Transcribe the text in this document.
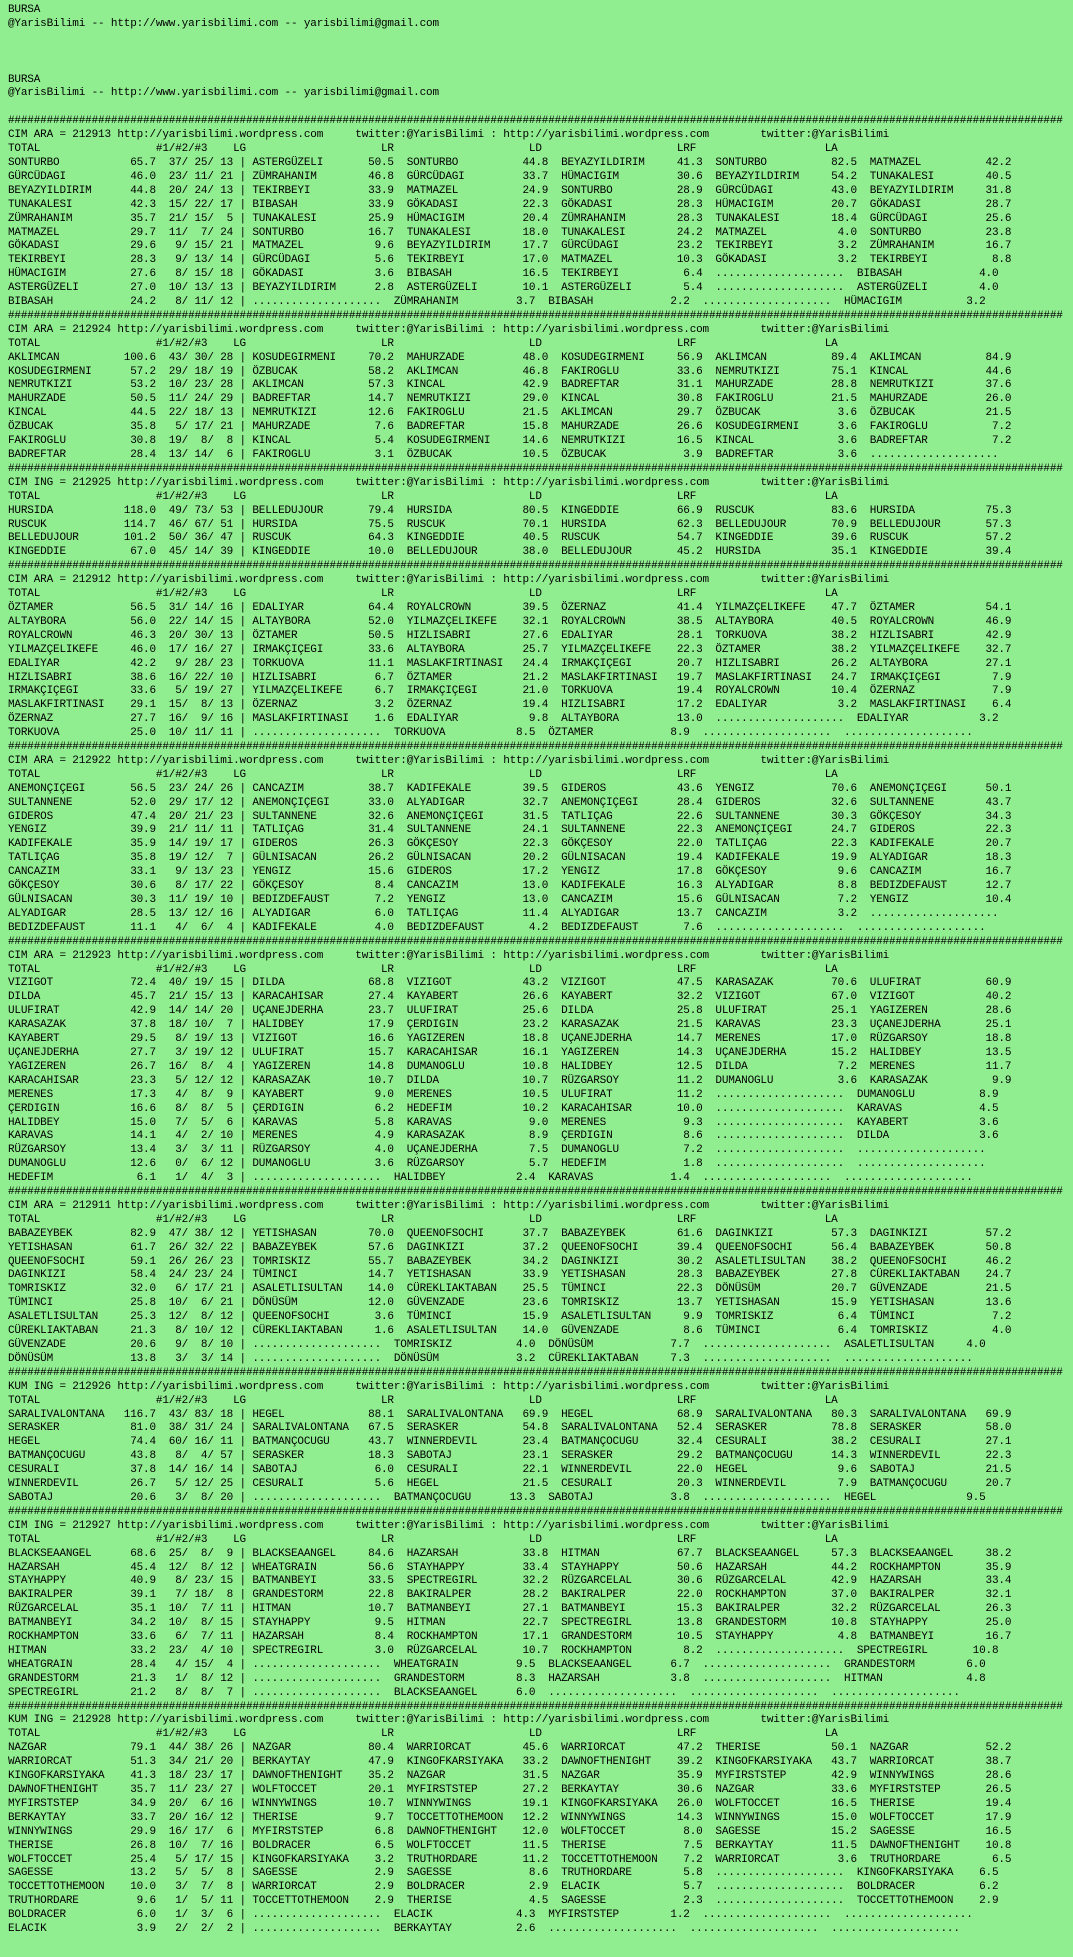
BURSA
@YarisBilimi -- http://www.yarisbilimi.com -- yarisbilimi@gmail.com

BURSA
@YarisBilimi -- http://www.yarisbilimi.com -- yarisbilimi@gmail.com

####################################################################################################################################################################
CIM ARA = 212913 http://yarisbilimi.wordpress.com     twitter:@YarisBilimi : http://yarisbilimi.wordpress.com        twitter:@YarisBilimi
TOTAL                  #1/#2/#3    LG                     LR                     LD                     LRF                    LA
SONTURBO           65.7  37/ 25/ 13 | ASTERGÜZELI       50.5  SONTURBO          44.8  BEYAZYILDIRIM     41.3  SONTURBO          82.5  MATMAZEL          42.2
GÜRCÜDAGI          46.0  23/ 11/ 21 | ZÜMRAHANIM        46.8  GÜRCÜDAGI         33.7  HÜMACIGIM         30.6  BEYAZYILDIRIM     54.2  TUNAKALESI        40.5
BEYAZYILDIRIM      44.8  20/ 24/ 13 | TEKIRBEYI         33.9  MATMAZEL          24.9  SONTURBO          28.9  GÜRCÜDAGI         43.0  BEYAZYILDIRIM     31.8
TUNAKALESI         42.3  15/ 22/ 17 | BIBASAH           33.9  GÖKADASI          22.3  GÖKADASI          28.3  HÜMACIGIM         20.7  GÖKADASI          28.7
ZÜMRAHANIM         35.7  21/ 15/  5 | TUNAKALESI        25.9  HÜMACIGIM         20.4  ZÜMRAHANIM        28.3  TUNAKALESI        18.4  GÜRCÜDAGI         25.6
MATMAZEL           29.7  11/  7/ 24 | SONTURBO          16.7  TUNAKALESI        18.0  TUNAKALESI        24.2  MATMAZEL           4.0  SONTURBO          23.8
GÖKADASI           29.6   9/ 15/ 21 | MATMAZEL           9.6  BEYAZYILDIRIM     17.7  GÜRCÜDAGI         23.2  TEKIRBEYI          3.2  ZÜMRAHANIM        16.7
TEKIRBEYI          28.3   9/ 13/ 14 | GÜRCÜDAGI          5.6  TEKIRBEYI         17.0  MATMAZEL          10.3  GÖKADASI           3.2  TEKIRBEYI          8.8
HÜMACIGIM          27.6   8/ 15/ 18 | GÖKADASI           3.6  BIBASAH           16.5  TEKIRBEYI          6.4  ....................  BIBASAH            4.0
ASTERGÜZELI        27.0  10/ 13/ 13 | BEYAZYILDIRIM      2.8  ASTERGÜZELI       10.1  ASTERGÜZELI        5.4  ....................  ASTERGÜZELI        4.0
BIBASAH            24.2   8/ 11/ 12 | ....................  ZÜMRAHANIM         3.7  BIBASAH            2.2  ....................  HÜMACIGIM          3.2
####################################################################################################################################################################
CIM ARA = 212924 http://yarisbilimi.wordpress.com     twitter:@YarisBilimi : http://yarisbilimi.wordpress.com        twitter:@YarisBilimi
TOTAL                  #1/#2/#3    LG                     LR                     LD                     LRF                    LA
AKLIMCAN          100.6  43/ 30/ 28 | KOSUDEGIRMENI     70.2  MAHURZADE         48.0  KOSUDEGIRMENI     56.9  AKLIMCAN          89.4  AKLIMCAN          84.9
KOSUDEGIRMENI      57.2  29/ 18/ 19 | ÖZBUCAK           58.2  AKLIMCAN          46.8  FAKIROGLU         33.6  NEMRUTKIZI        75.1  KINCAL            44.6
NEMRUTKIZI         53.2  10/ 23/ 28 | AKLIMCAN          57.3  KINCAL            42.9  BADREFTAR         31.1  MAHURZADE         28.8  NEMRUTKIZI        37.6
MAHURZADE          50.5  11/ 24/ 29 | BADREFTAR         14.7  NEMRUTKIZI        29.0  KINCAL            30.8  FAKIROGLU         21.5  MAHURZADE         26.0
KINCAL             44.5  22/ 18/ 13 | NEMRUTKIZI        12.6  FAKIROGLU         21.5  AKLIMCAN          29.7  ÖZBUCAK            3.6  ÖZBUCAK           21.5
ÖZBUCAK            35.8   5/ 17/ 21 | MAHURZADE          7.6  BADREFTAR         15.8  MAHURZADE         26.6  KOSUDEGIRMENI      3.6  FAKIROGLU          7.2
FAKIROGLU          30.8  19/  8/  8 | KINCAL             5.4  KOSUDEGIRMENI     14.6  NEMRUTKIZI        16.5  KINCAL             3.6  BADREFTAR          7.2
BADREFTAR          28.4  13/ 14/  6 | FAKIROGLU          3.1  ÖZBUCAK           10.5  ÖZBUCAK            3.9  BADREFTAR          3.6  ....................
####################################################################################################################################################################
CIM ING = 212925 http://yarisbilimi.wordpress.com     twitter:@YarisBilimi : http://yarisbilimi.wordpress.com        twitter:@YarisBilimi
TOTAL                  #1/#2/#3    LG                     LR                     LD                     LRF                    LA
HURSIDA           118.0  49/ 73/ 53 | BELLEDUJOUR       79.4  HURSIDA           80.5  KINGEDDIE         66.9  RUSCUK            83.6  HURSIDA           75.3
RUSCUK            114.7  46/ 67/ 51 | HURSIDA           75.5  RUSCUK            70.1  HURSIDA           62.3  BELLEDUJOUR       70.9  BELLEDUJOUR       57.3
BELLEDUJOUR       101.2  50/ 36/ 47 | RUSCUK            64.3  KINGEDDIE         40.5  RUSCUK            54.7  KINGEDDIE         39.6  RUSCUK            57.2
KINGEDDIE          67.0  45/ 14/ 39 | KINGEDDIE         10.0  BELLEDUJOUR       38.0  BELLEDUJOUR       45.2  HURSIDA           35.1  KINGEDDIE         39.4
####################################################################################################################################################################
CIM ARA = 212912 http://yarisbilimi.wordpress.com     twitter:@YarisBilimi : http://yarisbilimi.wordpress.com        twitter:@YarisBilimi
TOTAL                  #1/#2/#3    LG                     LR                     LD                     LRF                    LA
ÖZTAMER            56.5  31/ 14/ 16 | EDALIYAR          64.4  ROYALCROWN        39.5  ÖZERNAZ           41.4  YILMAZÇELIKEFE    47.7  ÖZTAMER           54.1
ALTAYBORA          56.0  22/ 14/ 15 | ALTAYBORA         52.0  YILMAZÇELIKEFE    32.1  ROYALCROWN        38.5  ALTAYBORA         40.5  ROYALCROWN        46.9
ROYALCROWN         46.3  20/ 30/ 13 | ÖZTAMER           50.5  HIZLISABRI        27.6  EDALIYAR          28.1  TORKUOVA          38.2  HIZLISABRI        42.9
YILMAZÇELIKEFE     46.0  17/ 16/ 27 | IRMAKÇIÇEGI       33.6  ALTAYBORA         25.7  YILMAZÇELIKEFE    22.3  ÖZTAMER           38.2  YILMAZÇELIKEFE    32.7
EDALIYAR           42.2   9/ 28/ 23 | TORKUOVA          11.1  MASLAKFIRTINASI   24.4  IRMAKÇIÇEGI       20.7  HIZLISABRI        26.2  ALTAYBORA         27.1
HIZLISABRI         38.6  16/ 22/ 10 | HIZLISABRI         6.7  ÖZTAMER           21.2  MASLAKFIRTINASI   19.7  MASLAKFIRTINASI   24.7  IRMAKÇIÇEGI        7.9
IRMAKÇIÇEGI        33.6   5/ 19/ 27 | YILMAZÇELIKEFE     6.7  IRMAKÇIÇEGI       21.0  TORKUOVA          19.4  ROYALCROWN        10.4  ÖZERNAZ            7.9
MASLAKFIRTINASI    29.1  15/  8/ 13 | ÖZERNAZ            3.2  ÖZERNAZ           19.4  HIZLISABRI        17.2  EDALIYAR           3.2  MASLAKFIRTINASI    6.4
ÖZERNAZ            27.7  16/  9/ 16 | MASLAKFIRTINASI    1.6  EDALIYAR           9.8  ALTAYBORA         13.0  ....................  EDALIYAR           3.2
TORKUOVA           25.0  10/ 11/ 11 | ....................  TORKUOVA           8.5  ÖZTAMER            8.9  ....................  ....................
####################################################################################################################################################################
CIM ARA = 212922 http://yarisbilimi.wordpress.com     twitter:@YarisBilimi : http://yarisbilimi.wordpress.com        twitter:@YarisBilimi
TOTAL                  #1/#2/#3    LG                     LR                     LD                     LRF                    LA
ANEMONÇIÇEGI       56.5  23/ 24/ 26 | CANCAZIM          38.7  KADIFEKALE        39.5  GIDEROS           43.6  YENGIZ            70.6  ANEMONÇIÇEGI      50.1
SULTANNENE         52.0  29/ 17/ 12 | ANEMONÇIÇEGI      33.0  ALYADIGAR         32.7  ANEMONÇIÇEGI      28.4  GIDEROS           32.6  SULTANNENE        43.7
GIDEROS            47.4  20/ 21/ 23 | SULTANNENE        32.6  ANEMONÇIÇEGI      31.5  TATLIÇAG          22.6  SULTANNENE        30.3  GÖKÇESOY          34.3
YENGIZ             39.9  21/ 11/ 11 | TATLIÇAG          31.4  SULTANNENE        24.1  SULTANNENE        22.3  ANEMONÇIÇEGI      24.7  GIDEROS           22.3
KADIFEKALE         35.9  14/ 19/ 17 | GIDEROS           26.3  GÖKÇESOY          22.3  GÖKÇESOY          22.0  TATLIÇAG          22.3  KADIFEKALE        20.7
TATLIÇAG           35.8  19/ 12/  7 | GÜLNISACAN        26.2  GÜLNISACAN        20.2  GÜLNISACAN        19.4  KADIFEKALE        19.9  ALYADIGAR         18.3
CANCAZIM           33.1   9/ 13/ 23 | YENGIZ            15.6  GIDEROS           17.2  YENGIZ            17.8  GÖKÇESOY           9.6  CANCAZIM          16.7
GÖKÇESOY           30.6   8/ 17/ 22 | GÖKÇESOY           8.4  CANCAZIM          13.0  KADIFEKALE        16.3  ALYADIGAR          8.8  BEDIZDEFAUST      12.7
GÜLNISACAN         30.3  11/ 19/ 10 | BEDIZDEFAUST       7.2  YENGIZ            13.0  CANCAZIM          15.6  GÜLNISACAN         7.2  YENGIZ            10.4
ALYADIGAR          28.5  13/ 12/ 16 | ALYADIGAR          6.0  TATLIÇAG          11.4  ALYADIGAR         13.7  CANCAZIM           3.2  ....................
BEDIZDEFAUST       11.1   4/  6/  4 | KADIFEKALE         4.0  BEDIZDEFAUST       4.2  BEDIZDEFAUST       7.6  ....................  ....................
####################################################################################################################################################################
CIM ARA = 212923 http://yarisbilimi.wordpress.com     twitter:@YarisBilimi : http://yarisbilimi.wordpress.com        twitter:@YarisBilimi
TOTAL                  #1/#2/#3    LG                     LR                     LD                     LRF                    LA
VIZIGOT            72.4  40/ 19/ 15 | DILDA             68.8  VIZIGOT           43.2  VIZIGOT           47.5  KARASAZAK         70.6  ULUFIRAT          60.9
DILDA              45.7  21/ 15/ 13 | KARACAHISAR       27.4  KAYABERT          26.6  KAYABERT          32.2  VIZIGOT           67.0  VIZIGOT           40.2
ULUFIRAT           42.9  14/ 14/ 20 | UÇANEJDERHA       23.7  ULUFIRAT          25.6  DILDA             25.8  ULUFIRAT          25.1  YAGIZEREN         28.6
KARASAZAK          37.8  18/ 10/  7 | HALIDBEY          17.9  ÇERDIGIN          23.2  KARASAZAK         21.5  KARAVAS           23.3  UÇANEJDERHA       25.1
KAYABERT           29.5   8/ 19/ 13 | VIZIGOT           16.6  YAGIZEREN         18.8  UÇANEJDERHA       14.7  MERENES           17.0  RÜZGARSOY         18.8
UÇANEJDERHA        27.7   3/ 19/ 12 | ULUFIRAT          15.7  KARACAHISAR       16.1  YAGIZEREN         14.3  UÇANEJDERHA       15.2  HALIDBEY          13.5
YAGIZEREN          26.7  16/  8/  4 | YAGIZEREN         14.8  DUMANOGLU         10.8  HALIDBEY          12.5  DILDA              7.2  MERENES           11.7
KARACAHISAR        23.3   5/ 12/ 12 | KARASAZAK         10.7  DILDA             10.7  RÜZGARSOY         11.2  DUMANOGLU          3.6  KARASAZAK          9.9
MERENES            17.3   4/  8/  9 | KAYABERT           9.0  MERENES           10.5  ULUFIRAT          11.2  ....................  DUMANOGLU          8.9
ÇERDIGIN           16.6   8/  8/  5 | ÇERDIGIN           6.2  HEDEFIM           10.2  KARACAHISAR       10.0  ....................  KARAVAS            4.5
HALIDBEY           15.0   7/  5/  6 | KARAVAS            5.8  KARAVAS            9.0  MERENES            9.3  ....................  KAYABERT           3.6
KARAVAS            14.1   4/  2/ 10 | MERENES            4.9  KARASAZAK          8.9  ÇERDIGIN           8.6  ....................  DILDA              3.6
RÜZGARSOY          13.4   3/  3/ 11 | RÜZGARSOY          4.0  UÇANEJDERHA        7.5  DUMANOGLU          7.2  ....................  ....................
DUMANOGLU          12.6   0/  6/ 12 | DUMANOGLU          3.6  RÜZGARSOY          5.7  HEDEFIM            1.8  ....................  ....................
HEDEFIM             6.1   1/  4/  3 | ....................  HALIDBEY           2.4  KARAVAS            1.4  ....................  ....................
####################################################################################################################################################################
CIM ARA = 212911 http://yarisbilimi.wordpress.com     twitter:@YarisBilimi : http://yarisbilimi.wordpress.com        twitter:@YarisBilimi
TOTAL                  #1/#2/#3    LG                     LR                     LD                     LRF                    LA
BABAZEYBEK         82.9  47/ 38/ 12 | YETISHASAN        70.0  QUEENOFSOCHI      37.7  BABAZEYBEK        61.6  DAGINKIZI         57.3  DAGINKIZI         57.2
YETISHASAN         61.7  26/ 32/ 22 | BABAZEYBEK        57.6  DAGINKIZI         37.2  QUEENOFSOCHI      39.4  QUEENOFSOCHI      56.4  BABAZEYBEK        50.8
QUEENOFSOCHI       59.1  26/ 26/ 23 | TOMRISKIZ         55.7  BABAZEYBEK        34.2  DAGINKIZI         30.2  ASALETLISULTAN    38.2  QUEENOFSOCHI      46.2
DAGINKIZI          58.4  24/ 23/ 24 | TÜMINCI           14.7  YETISHASAN        33.9  YETISHASAN        28.3  BABAZEYBEK        27.8  CÜREKLIAKTABAN    24.7
TOMRISKIZ          32.0   6/ 17/ 21 | ASALETLISULTAN    14.0  CÜREKLIAKTABAN    25.5  TÜMINCI           22.3  DÖNÜSÜM           20.7  GÜVENZADE         21.5
TÜMINCI            25.8  10/  6/ 21 | DÖNÜSÜM           12.0  GÜVENZADE         23.6  TOMRISKIZ         13.7  YETISHASAN        15.9  YETISHASAN        13.6
ASALETLISULTAN     25.3  12/  8/ 12 | QUEENOFSOCHI       3.6  TÜMINCI           15.9  ASALETLISULTAN     9.9  TOMRISKIZ          6.4  TÜMINCI            7.2
CÜREKLIAKTABAN     21.3   8/ 10/ 12 | CÜREKLIAKTABAN     1.6  ASALETLISULTAN    14.0  GÜVENZADE          8.6  TÜMINCI            6.4  TOMRISKIZ          4.0
GÜVENZADE          20.6   9/  8/ 10 | ....................  TOMRISKIZ          4.0  DÖNÜSÜM            7.7  ....................  ASALETLISULTAN     4.0
DÖNÜSÜM            13.8   3/  3/ 14 | ....................  DÖNÜSÜM            3.2  CÜREKLIAKTABAN     7.3  ....................  ....................
####################################################################################################################################################################
KUM ING = 212926 http://yarisbilimi.wordpress.com     twitter:@YarisBilimi : http://yarisbilimi.wordpress.com        twitter:@YarisBilimi
TOTAL                  #1/#2/#3    LG                     LR                     LD                     LRF                    LA
SARALIVALONTANA   116.7  43/ 83/ 18 | HEGEL             88.1  SARALIVALONTANA   69.9  HEGEL             68.9  SARALIVALONTANA   80.3  SARALIVALONTANA   69.9
SERASKER           81.0  38/ 31/ 24 | SARALIVALONTANA   67.5  SERASKER          54.8  SARALIVALONTANA   52.4  SERASKER          78.8  SERASKER          58.0
HEGEL              74.4  60/ 16/ 11 | BATMANÇOCUGU      43.7  WINNERDEVIL       23.4  BATMANÇOCUGU      32.4  CESURALI          38.2  CESURALI          27.1
BATMANÇOCUGU       43.8   8/  4/ 57 | SERASKER          18.3  SABOTAJ           23.1  SERASKER          29.2  BATMANÇOCUGU      14.3  WINNERDEVIL       22.3
CESURALI           37.8  14/ 16/ 14 | SABOTAJ            6.0  CESURALI          22.1  WINNERDEVIL       22.0  HEGEL              9.6  SABOTAJ           21.5
WINNERDEVIL        26.7   5/ 12/ 25 | CESURALI           5.6  HEGEL             21.5  CESURALI          20.3  WINNERDEVIL        7.9  BATMANÇOCUGU      20.7
SABOTAJ            20.6   3/  8/ 20 | ....................  BATMANÇOCUGU      13.3  SABOTAJ            3.8  ....................  HEGEL              9.5
####################################################################################################################################################################
CIM ING = 212927 http://yarisbilimi.wordpress.com     twitter:@YarisBilimi : http://yarisbilimi.wordpress.com        twitter:@YarisBilimi
TOTAL                  #1/#2/#3    LG                     LR                     LD                     LRF                    LA
BLACKSEAANGEL      68.6  25/  8/  9 | BLACKSEAANGEL     84.6  HAZARSAH          33.8  HITMAN            67.7  BLACKSEAANGEL     57.3  BLACKSEAANGEL     38.2
HAZARSAH           45.4  12/  8/ 12 | WHEATGRAIN        56.6  STAYHAPPY         33.4  STAYHAPPY         50.6  HAZARSAH          44.2  ROCKHAMPTON       35.9
STAYHAPPY          40.9   8/ 23/ 15 | BATMANBEYI        33.5  SPECTREGIRL       32.2  RÜZGARCELAL       30.6  RÜZGARCELAL       42.9  HAZARSAH          33.4
BAKIRALPER         39.1   7/ 18/  8 | GRANDESTORM       22.8  BAKIRALPER        28.2  BAKIRALPER        22.0  ROCKHAMPTON       37.0  BAKIRALPER        32.1
RÜZGARCELAL        35.1  10/  7/ 11 | HITMAN            10.7  BATMANBEYI        27.1  BATMANBEYI        15.3  BAKIRALPER        32.2  RÜZGARCELAL       26.3
BATMANBEYI         34.2  10/  8/ 15 | STAYHAPPY          9.5  HITMAN            22.7  SPECTREGIRL       13.8  GRANDESTORM       10.8  STAYHAPPY         25.0
ROCKHAMPTON        33.6   6/  7/ 11 | HAZARSAH           8.4  ROCKHAMPTON       17.1  GRANDESTORM       10.5  STAYHAPPY          4.8  BATMANBEYI        16.7
HITMAN             33.2  23/  4/ 10 | SPECTREGIRL        3.0  RÜZGARCELAL       10.7  ROCKHAMPTON        8.2  ....................  SPECTREGIRL       10.8
WHEATGRAIN         28.4   4/ 15/  4 | ....................  WHEATGRAIN         9.5  BLACKSEAANGEL      6.7  ....................  GRANDESTORM        6.0
GRANDESTORM        21.3   1/  8/ 12 | ....................  GRANDESTORM        8.3  HAZARSAH           3.8  ....................  HITMAN             4.8
SPECTREGIRL        21.2   8/  8/  7 | ....................  BLACKSEAANGEL      6.0  ....................  ....................  ....................
####################################################################################################################################################################
KUM ING = 212928 http://yarisbilimi.wordpress.com     twitter:@YarisBilimi : http://yarisbilimi.wordpress.com        twitter:@YarisBilimi
TOTAL                  #1/#2/#3    LG                     LR                     LD                     LRF                    LA
NAZGAR             79.1  44/ 38/ 26 | NAZGAR            80.4  WARRIORCAT        45.6  WARRIORCAT        47.2  THERISE           50.1  NAZGAR            52.2
WARRIORCAT         51.3  34/ 21/ 20 | BERKAYTAY         47.9  KINGOFKARSIYAKA   33.2  DAWNOFTHENIGHT    39.2  KINGOFKARSIYAKA   43.7  WARRIORCAT        38.7
KINGOFKARSIYAKA    41.3  18/ 23/ 17 | DAWNOFTHENIGHT    35.2  NAZGAR            31.5  NAZGAR            35.9  MYFIRSTSTEP       42.9  WINNYWINGS        28.6
DAWNOFTHENIGHT     35.7  11/ 23/ 27 | WOLFTOCCET        20.1  MYFIRSTSTEP       27.2  BERKAYTAY         30.6  NAZGAR            33.6  MYFIRSTSTEP       26.5
MYFIRSTSTEP        34.9  20/  6/ 16 | WINNYWINGS        10.7  WINNYWINGS        19.1  KINGOFKARSIYAKA   26.0  WOLFTOCCET        16.5  THERISE           19.4
BERKAYTAY          33.7  20/ 16/ 12 | THERISE            9.7  TOCCETTOTHEMOON   12.2  WINNYWINGS        14.3  WINNYWINGS        15.0  WOLFTOCCET        17.9
WINNYWINGS         29.9  16/ 17/  6 | MYFIRSTSTEP        6.8  DAWNOFTHENIGHT    12.0  WOLFTOCCET         8.0  SAGESSE           15.2  SAGESSE           16.5
THERISE            26.8  10/  7/ 16 | BOLDRACER          6.5  WOLFTOCCET        11.5  THERISE            7.5  BERKAYTAY         11.5  DAWNOFTHENIGHT    10.8
WOLFTOCCET         25.4   5/ 17/ 15 | KINGOFKARSIYAKA    3.2  TRUTHORDARE       11.2  TOCCETTOTHEMOON    7.2  WARRIORCAT         3.6  TRUTHORDARE        6.5
SAGESSE            13.2   5/  5/  8 | SAGESSE            2.9  SAGESSE            8.6  TRUTHORDARE        5.8  ....................  KINGOFKARSIYAKA    6.5
TOCCETTOTHEMOON    10.0   3/  7/  8 | WARRIORCAT         2.9  BOLDRACER          2.9  ELACIK             5.7  ....................  BOLDRACER          6.2
TRUTHORDARE         9.6   1/  5/ 11 | TOCCETTOTHEMOON    2.9  THERISE            4.5  SAGESSE            2.3  ....................  TOCCETTOTHEMOON    2.9
BOLDRACER           6.0   1/  3/  6 | ....................  ELACIK             4.3  MYFIRSTSTEP        1.2  ....................  ....................
ELACIK              3.9   2/  2/  2 | ....................  BERKAYTAY          2.6  ....................  ....................  ....................
